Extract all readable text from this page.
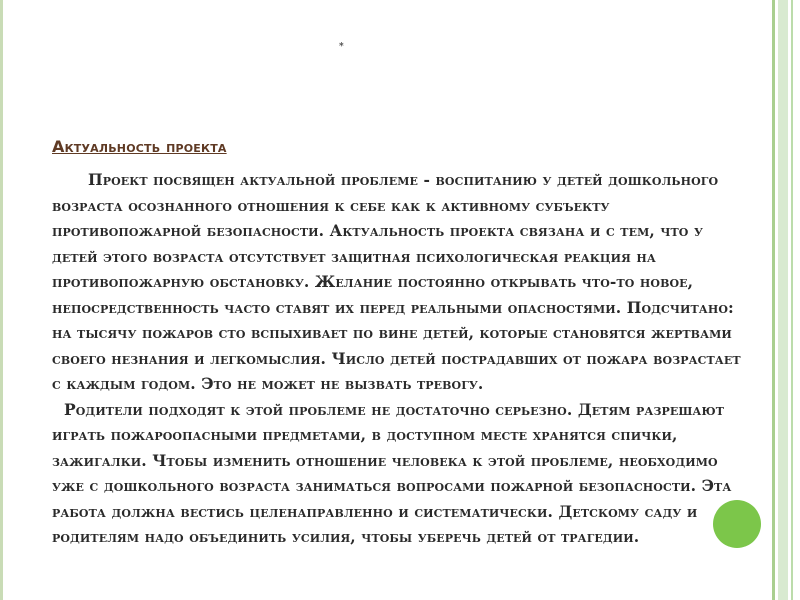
*
Актуальность проекта

Проект посвящен актуальной проблеме - воспитанию у детей дошкольного возраста осознанного отношения к себе как к активному субъекту противопожарной безопасности. Актуальность проекта связана и с тем, что у детей этого возраста отсутствует защитная психологическая реакция на противопожарную обстановку. Желание постоянно открывать что-то новое, непосредственность часто ставят их перед реальными опасностями. Подсчитано: на тысячу пожаров сто вспыхивает по вине детей, которые становятся жертвами своего незнания и легкомыслия. Число детей пострадавших от пожара возрастает с каждым годом. Это не может не вызвать тревогу.

Родители подходят к этой проблеме не достаточно серьезно. Детям разрешают играть пожароопасными предметами, в доступном месте хранятся спички, зажигалки. Чтобы изменить отношение человека к этой проблеме, необходимо уже с дошкольного возраста заниматься вопросами пожарной безопасности. Эта работа должна вестись целенаправленно и систематически. Детскому саду и родителям надо объединить усилия, чтобы уберечь детей от трагедии.
